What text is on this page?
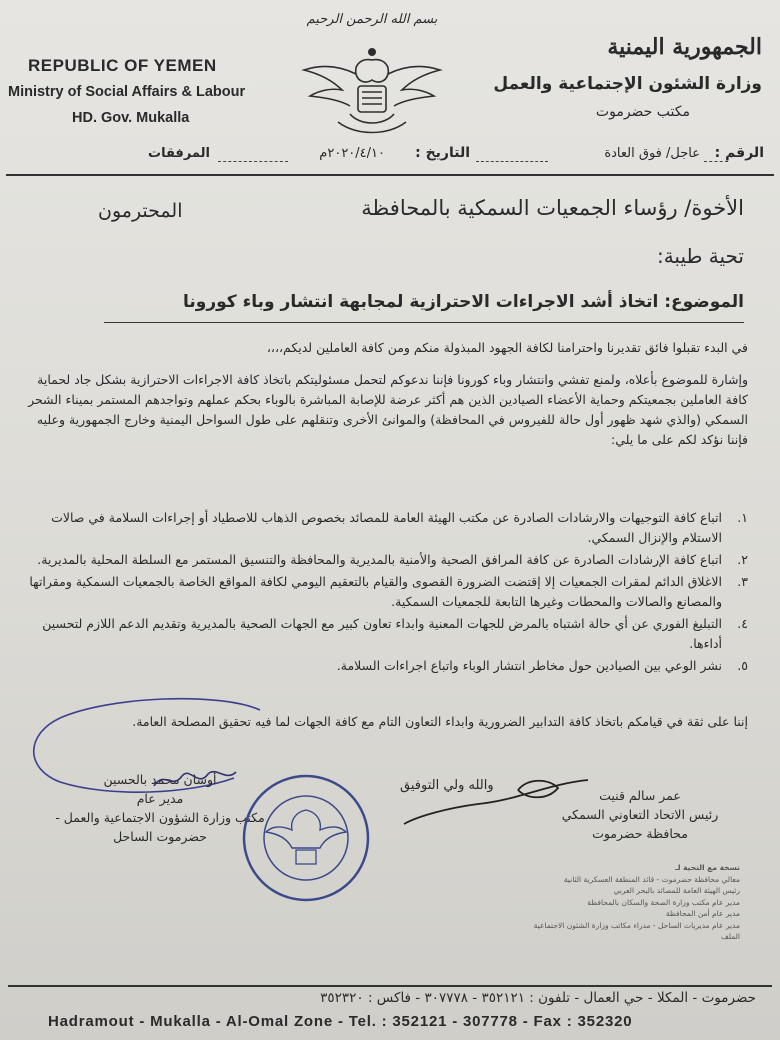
REPUBLIC OF YEMEN
Ministry of Social Affairs & Labour
HD. Gov. Mukalla
بسم الله الرحمن الرحيم
الجمهورية اليمنية
وزارة الشئون الإجتماعية والعمل
مكتب حضرموت
الرقم :
عاجل/ فوق العادة
التاريخ :
٢٠٢٠/٤/١٠م
المرفقات
الأخوة/ رؤساء الجمعيات السمكية بالمحافظة
المحترمون
تحية طيبة:
الموضوع: اتخاذ أشد الاجراءات الاحترازية لمجابهة انتشار وباء كورونا
في البدء تقبلوا فائق تقديرنا واحترامنا لكافة الجهود المبذولة منكم ومن كافة العاملين لديكم،،،،
وإشارة للموضوع بأعلاه، ولمنع تفشي وانتشار وباء كورونا فإننا ندعوكم لتحمل مسئوليتكم باتخاذ كافة الاجراءات الاحترازية بشكل جاد لحماية كافة العاملين بجمعيتكم وحماية الأعضاء الصيادين الذين هم أكثر عرضة للإصابة المباشرة بالوباء بحكم عملهم وتواجدهم المستمر بميناء الشحر السمكي (والذي شهد ظهور أول حالة للفيروس في المحافظة) والموانئ الأخرى وتنقلهم على طول السواحل اليمنية وخارج الجمهورية وعليه فإننا نؤكد لكم على ما يلي:
١.
اتباع كافة التوجيهات والارشادات الصادرة عن مكتب الهيئة العامة للمصائد بخصوص الذهاب للاصطياد أو إجراءات السلامة في صالات الاستلام والإنزال السمكي.
٢.
اتباع كافة الإرشادات الصادرة عن كافة المرافق الصحية والأمنية بالمديرية والمحافظة والتنسيق المستمر مع السلطة المحلية بالمديرية.
٣.
الاغلاق الدائم لمقرات الجمعيات إلا إقتضت الضرورة القصوى والقيام بالتعقيم اليومي لكافة المواقع الخاصة بالجمعيات السمكية ومقراتها والمصانع والصالات والمحطات وغيرها التابعة للجمعيات السمكية.
٤.
التبليغ الفوري عن أي حالة اشتباه بالمرض للجهات المعنية وابداء تعاون كبير مع الجهات الصحية بالمديرية وتقديم الدعم اللازم لتحسين أداءها.
٥.
نشر الوعي بين الصيادين حول مخاطر انتشار الوباء واتباع اجراءات السلامة.
إننا على ثقة في قيامكم باتخاذ كافة التدابير الضرورية وابداء التعاون التام مع كافة الجهات لما فيه تحقيق المصلحة العامة.
أوسان محمد بالحسين
مدير عام
مكتب وزارة الشؤون الاجتماعية والعمل -
حضرموت الساحل
والله ولي التوفيق
عمر سالم قنيت
رئيس الاتحاد التعاوني السمكي
محافظة حضرموت
نسخة مع التحية لـ
معالي محافظة حضرموت - قائد المنطقة العسكرية الثانية
رئيس الهيئة العامة للمصائد بالبحر العربي
مدير عام مكتب وزارة الصحة والسكان بالمحافظة
مدير عام أمن المحافظة
مدير عام مديريات الساحل - مدراء مكاتب وزارة الشئون الاجتماعية
الملف
حضرموت - المكلا - حي العمال - تلفون : ٣٥٢١٢١ - ٣٠٧٧٧٨ - فاكس : ٣٥٢٣٢٠
Hadramout - Mukalla - Al-Omal Zone - Tel. : 352121 - 307778 - Fax : 352320
